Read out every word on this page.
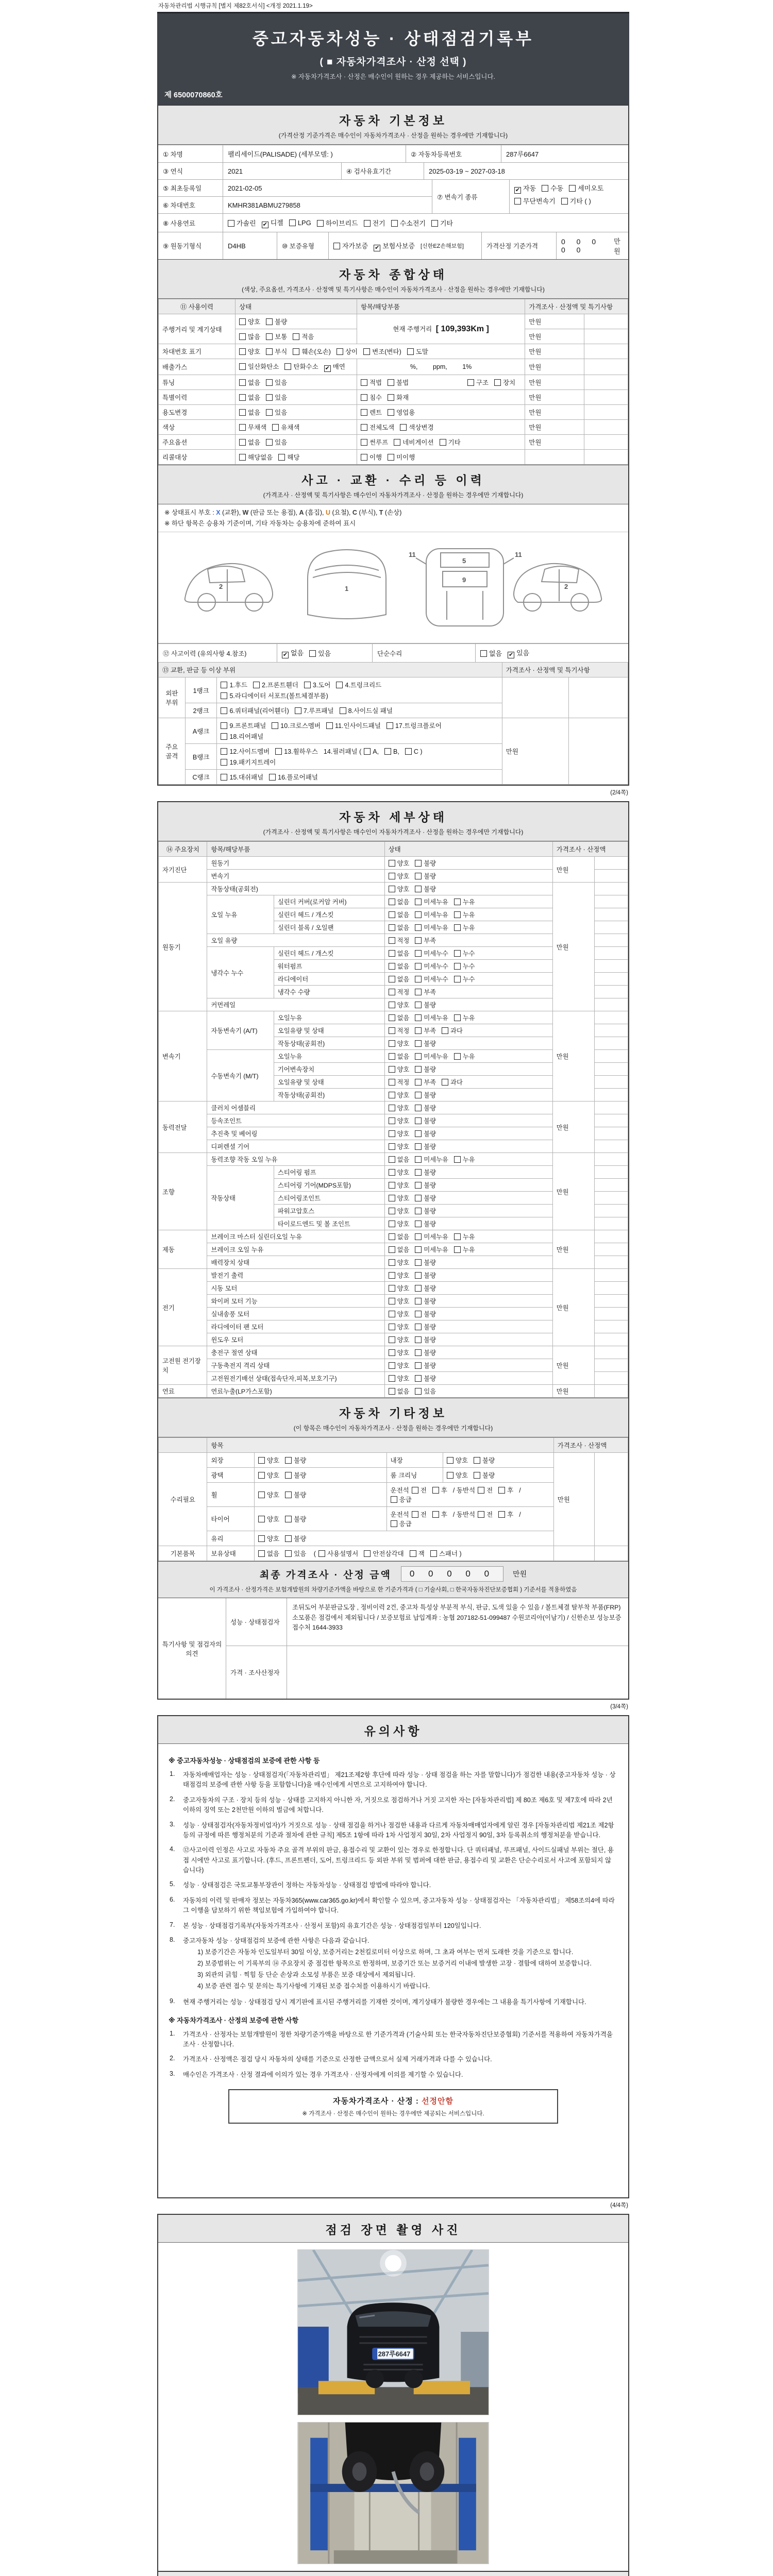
자동차관리법 시행규칙 [별지 제82호서식] <개정 2021.1.19>
중고자동차성능 · 상태점검기록부
( ■ 자동차가격조사 · 산정 선택 )
※ 자동차가격조사 · 산정은 매수인이 원하는 경우 제공하는 서비스입니다.
제 6500070860호
자동차 기본정보
(가격산정 기준가격은 매수인이 자동차가격조사 · 산정을 원하는 경우에만 기재합니다)
① 차명	팰리세이드(PALISADE) (세부모델: )	② 자동차등록번호	287루6647
③ 연식	2021	④ 검사유효기간	2025-03-19 ~ 2027-03-18
⑤ 최초등록일	2021-02-05
⑥ 차대번호	KMHR381ABMU279858
⑦ 변속기 종류
✔ 자동 수동 세미오토
무단변속기 기타 ( )
⑧ 사용연료	가솔린 ✔ 디젤	LPG	하이브리드	전기	수소전기	기타
⑨ 원동기형식	D4HB	⑩ 보증유형	자가보증 ✔ 보험사보증	[신한EZ손해보험]	가격산정 기준가격
0 0 0 0 0
만원
자동차 종합상태
(색상, 주요옵션, 가격조사 · 산정액 및 특기사항은 매수인이 자동차가격조사 · 산정을 원하는 경우에만 기재합니다)
⑪ 사용이력	상태	항목/해당부품	가격조사 · 산정액 및 특기사항	
주행거리 및 계기상태	양호 불량	현재 주행거리 [ 109,393Km ]	만원	
	많음 보통 적음		만원	
차대번호 표기	양호 부식 훼손(오손) 상이 변조(변타) 도말		만원	
배출가스	일산화탄소 탄화수소 ✔ 매연	%, ppm, 1%	만원	
튜닝	없음 있음	적법 불법 구조 장치	만원	
특별이력	없음 있음	침수 화재	만원	
용도변경	없음 있음	렌트 영업용	만원	
색상	무채색 유채색	전체도색 색상변경	만원	
주요옵션	없음 있음	썬루프 네비게이션 기타	만원	
리콜대상	해당없음 해당	이행 미이행		
사고 · 교환 · 수리 등 이력
(가격조사 · 산정액 및 특기사항은 매수인이 자동차가격조사 · 산정을 원하는 경우에만 기재합니다)
※ 상태표시 부호 : X (교환), W (판금 또는 용접), A (흠집), U (요철), C (부식), T (손상)
※ 하단 항목은 승용차 기준이며, 기타 자동차는 승용차에 준하여 표시
2	1
5
9
11	11
2
⑫ 사고이력 (유의사항 4.참조)	✔ 없음	있음	단순수리	없음 ✔ 있음
⑬ 교환, 판금 등 이상 부위			가격조사 · 산정액 및 특기사항	
외판 부위	1랭크	1.후드 2.프론트휀더 3.도어 4.트렁크리드
5.라디에이터 서포트(볼트체결부품)		

	2랭크	6.쿼터패널(리어휀더) 7.루프패널 8.사이드실 패널		
주요 골격	A랭크	9.프론트패널 10.크로스멤버 11.인사이드패널 17.트렁크플로어
18.리어패널	만원	
	B랭크	12.사이드멤버 13.휠하우스 14.필러패널 ( A, B, C )
19.패키지트레이		

	C랭크	15.대쉬패널 16.플로어패널		
(2/4쪽)
자동차 세부상태
(가격조사 · 산정액 및 특기사항은 매수인이 자동차가격조사 · 산정을 원하는 경우에만 기재합니다)
⑭ 주요장치	항목/해당부품		상태	가격조사 · 산정액	
자기진단	원동기		양호 불량	만원	
	변속기		양호 불량		
원동기	작동상태(공회전)		양호 불량	만원	
	오일 누유	실린더 커버(로커암 커버)	없음 미세누유 누유		
		실린더 헤드 / 개스킷	없음 미세누유 누유		
		실린더 블록 / 오일팬	없음 미세누유 누유		
	오일 유량		적정 부족		
	냉각수 누수	실린더 헤드 / 개스킷	없음 미세누수 누수		
		워터펌프	없음 미세누수 누수		
		라디에이터	없음 미세누수 누수		
		냉각수 수량	적정 부족		
	커먼레일		양호 불량		
변속기	자동변속기 (A/T)	오일누유	없음 미세누유 누유	만원	
		오일유량 및 상태	적정 부족 과다		
		작동상태(공회전)	양호 불량		
	수동변속기 (M/T)	오일누유	없음 미세누유 누유		
		기어변속장치	양호 불량		
		오일유량 및 상태	적정 부족 과다		
		작동상태(공회전)	양호 불량		
동력전달	클러치 어셈블리		양호 불량	만원	
	등속조인트		양호 불량		
	추진축 및 베어링		양호 불량		
	디퍼렌셜 기어		양호 불량		
조향	동력조향 작동 오일 누유		없음 미세누유 누유	만원	
	작동상태	스티어링 펌프	양호 불량		
		스티어링 기어(MDPS포함)	양호 불량		
		스티어링조인트	양호 불량		
		파워고압호스	양호 불량		
		타이로드엔드 및 볼 조인트	양호 불량		
제동	브레이크 마스터 실린더오일 누유		없음 미세누유 누유	만원	
	브레이크 오일 누유		없음 미세누유 누유		
	배력장치 상태		양호 불량		
전기	발전기 출력		양호 불량	만원	
	시동 모터		양호 불량		
	와이퍼 모터 기능		양호 불량		
	실내송풍 모터		양호 불량		
	라디에이터 팬 모터		양호 불량		
	윈도우 모터		양호 불량		
고전원 전기장치	충전구 절연 상태		양호 불량	만원	
	구동축전지 격리 상태		양호 불량		
	고전원전기배선 상태(접속단자,피복,보호기구)		양호 불량		
연료	연료누출(LP가스포함)		없음 있음	만원	
자동차 기타정보
(이 항목은 매수인이 자동차가격조사 · 산정을 원하는 경우에만 기재합니다)
	항목				가격조사 · 산정액	
수리필요	외장	양호 불량	내장	양호 불량	만원	
	광택	양호 불량	룸 크리닝	양호 불량		
	휠	양호 불량	운전석 전 후 / 동반석 전 후 /응급			
	타이어	양호 불량	운전석 전 후 / 동반석 전 후 /응급			
	유리	양호 불량				
기본품목	보유상태	없음 있음 ( 사용설명서 안전삼각대 잭 스패너 )				
최종 가격조사 · 산정 금액	0 0 0 0 0	만원
이 가격조사 · 산정가격은 보험개발원의 차량기준가액을 바탕으로 한 기준가격과 ( □ 기술사회, □ 한국자동차진단보증협회 ) 기준서를 적용하였음
특기사항 및 점검자의 의견
성능 · 상태점검자
조뒤도어 부분판금도장 , 정비이력 2건, 중고차 특성상 부분적 부식, 판금, 도색 있을 수 있음 / 볼트체결 탈부착 부품(FRP)소모품은 점검에서 제외됩니다 / 보증보험료 납입계좌 : 농협 207182-51-099487 수원코리아(이남기) / 신한손보 성능보증 접수처 1644-3933
가격 · 조사산정자
(3/4쪽)
유의사항
※ 중고자동차성능 · 상태점검의 보증에 관한 사항 등
1.	자동차매매업자는 성능 · 상태점검자(「자동차관리법」 제21조제2항 후단에 따라 성능 · 상태 점검을 하는 자를 말합니다)가 점검한 내용(중고자동차 성능 · 상태점검의 보증에 관한 사항 등을 포함합니다)을 매수인에게 서면으로 고지하여야 합니다.
2.	중고자동차의 구조 · 장치 등의 성능 · 상태를 고지하지 아니한 자, 거짓으로 점검하거나 거짓 고지한 자는 [자동차관리법] 제 80조 제6호 및 제7호에 따라 2년 이하의 징역 또는 2천만원 이하의 벌금에 처합니다.
3.	성능 · 상태점검자(자동차정비업자)가 거짓으로 성능 · 상태 점검을 하거나 점검한 내용과 다르게 자동차매매업자에게 알린 경우 [자동차관리법 제21조 제2항 등의 규정에 따른 행정처분의 기준과 절차에 관한 규칙] 제5조 1항에 따라 1차 사업정지 30일, 2차 사업정지 90일, 3차 등록취소의 행정처분을 받습니다.
4.	⑫사고이력 인정은 사고로 자동차 주요 골격 부위의 판금, 용접수리 및 교환이 있는 경우로 한정합니다. 단 쿼터패널, 루프패널, 사이드실패널 부위는 절단, 용접 시에만 사고로 표기합니다. (후드, 프론트펜더, 도어, 트렁크리드 등 외판 부위 및 범퍼에 대한 판금, 용접수리 및 교환은 단순수리로서 사고에 포함되지 않습니다)
5.	성능 · 상태점검은 국토교통부장관이 정하는 자동차성능 · 상태점검 방법에 따라야 합니다.
6.	자동차의 이력 및 판매자 정보는 자동차365(www.car365.go.kr)에서 확인할 수 있으며, 중고자동차 성능 · 상태점검자는 「자동차관리법」 제58조의4에 따라 그 이행을 담보하기 위한 책임보험에 가입하여야 합니다.
7.	본 성능 · 상태점검기록부(자동차가격조사 · 산정서 포함)의 유효기간은 성능 · 상태점검일부터 120일입니다.
8.	중고자동차 성능 · 상태점검의 보증에 관한 사항은 다음과 같습니다.
1) 보증기간은 자동차 인도일부터 30일 이상, 보증거리는 2천킬로미터 이상으로 하며, 그 초과 여부는 먼저 도래한 것을 기준으로 합니다.
2) 보증범위는 이 기록부의 ⑭ 주요장치 중 점검한 항목으로 한정하며, 보증기간 또는 보증거리 이내에 발생한 고장 · 결함에 대하여 보증합니다.
3) 외관의 긁힘 · 찍힘 등 단순 손상과 소모성 부품은 보증 대상에서 제외됩니다.
4) 보증 관련 접수 및 문의는 특기사항에 기재된 보증 접수처를 이용하시기 바랍니다.
9.	현재 주행거리는 성능 · 상태점검 당시 계기판에 표시된 주행거리를 기재한 것이며, 계기상태가 불량한 경우에는 그 내용을 특기사항에 기재합니다.
※ 자동차가격조사 · 산정의 보증에 관한 사항
1.	가격조사 · 산정자는 보험개발원이 정한 차량기준가액을 바탕으로 한 기준가격과 (기술사회 또는 한국자동차진단보증협회) 기준서를 적용하여 자동차가격을 조사 · 산정합니다.
2.	가격조사 · 산정액은 점검 당시 자동차의 상태를 기준으로 산정한 금액으로서 실제 거래가격과 다를 수 있습니다.
3.	매수인은 가격조사 · 산정 결과에 이의가 있는 경우 가격조사 · 산정자에게 이의를 제기할 수 있습니다.
자동차가격조사 · 산정 : 선정안함
※ 가격조사 · 산정은 매수인이 원하는 경우에만 제공되는 서비스입니다.
(4/4쪽)
점검 장면 촬영 사진
287루6647
